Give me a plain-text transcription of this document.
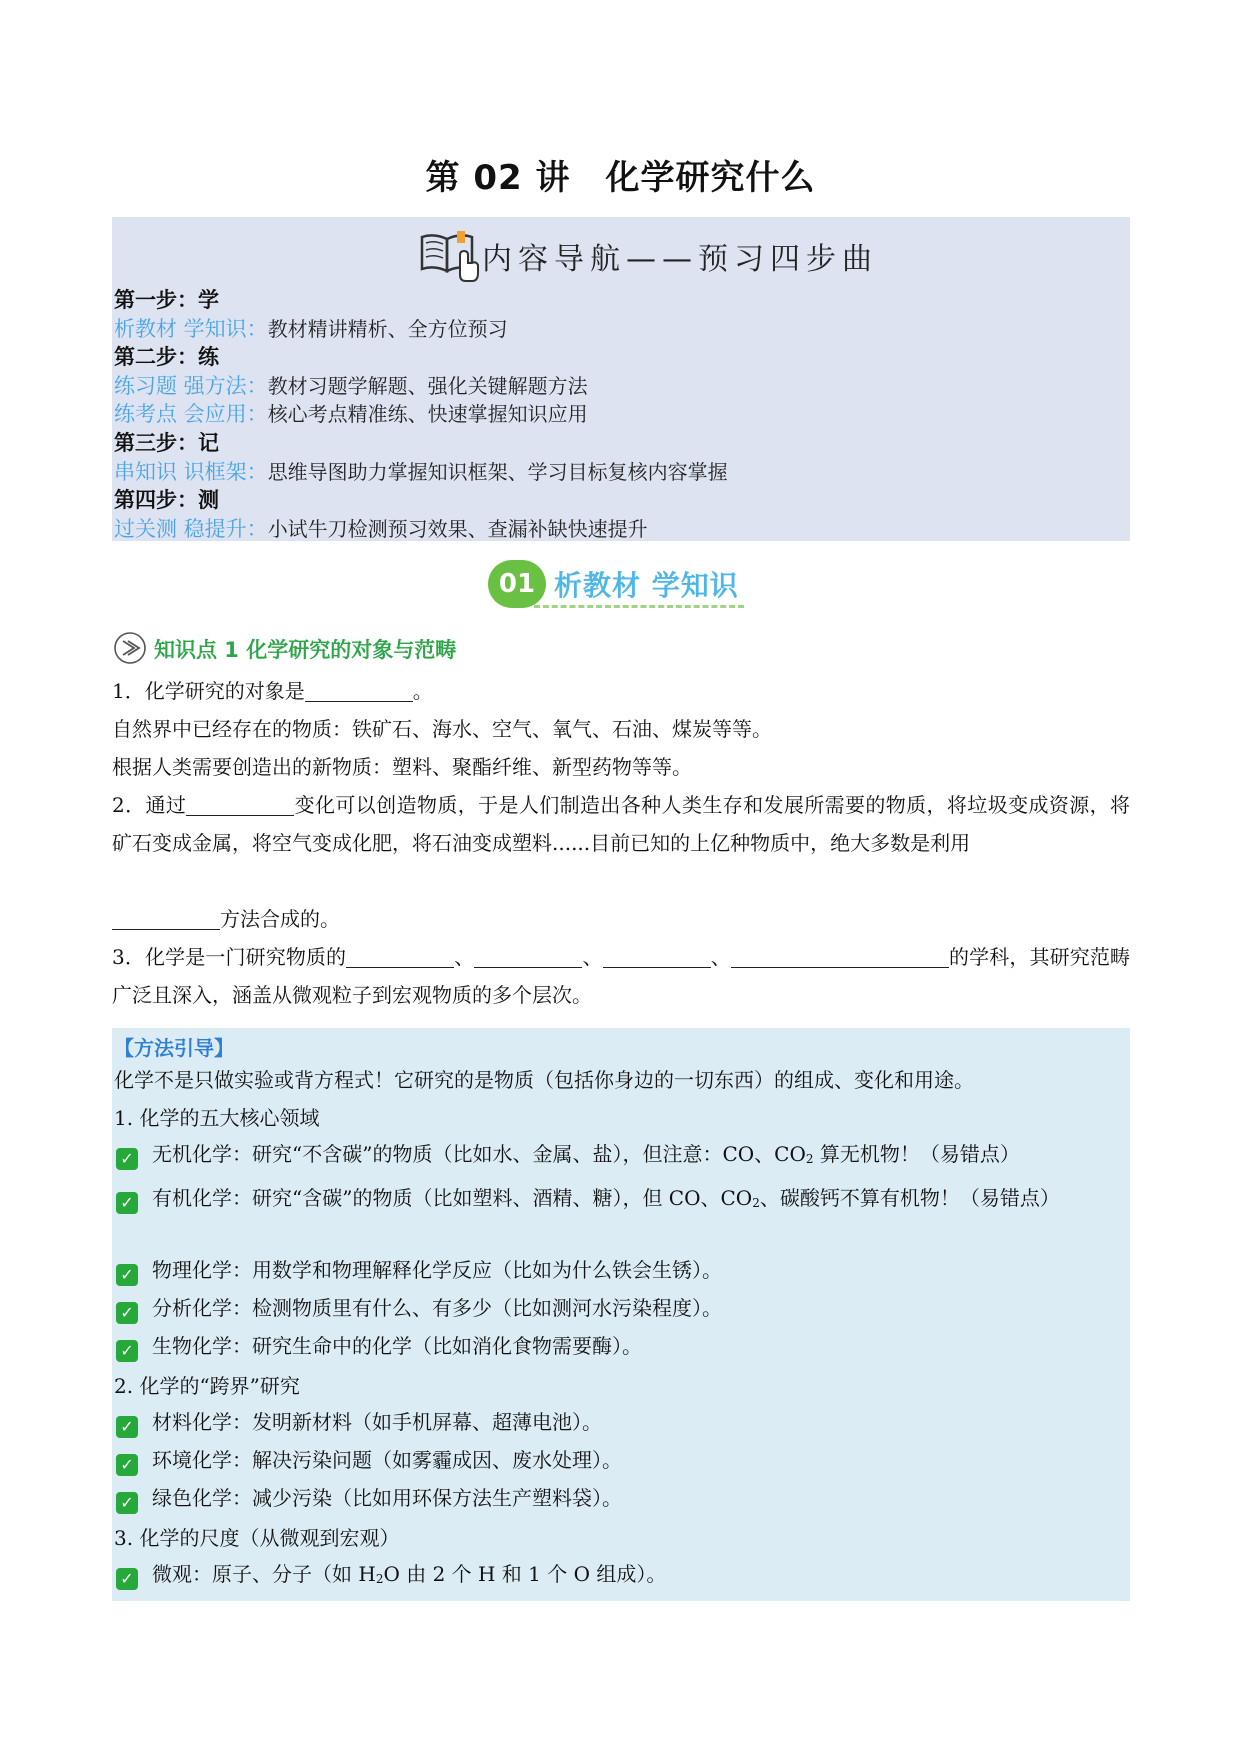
第 02 讲　化学研究什么
内容导航——预习四步曲
第一步：学
析教材 学知识：教材精讲精析、全方位预习
第二步：练
练习题 强方法：教材习题学解题、强化关键解题方法
练考点 会应用：核心考点精准练、快速掌握知识应用
第三步：记
串知识 识框架：思维导图助力掌握知识框架、学习目标复核内容掌握
第四步：测
过关测 稳提升：小试牛刀检测预习效果、查漏补缺快速提升
01 析教材 学知识
知识点 1 化学研究的对象与范畴
1．化学研究的对象是	。
自然界中已经存在的物质：铁矿石、海水、空气、氧气、石油、煤炭等等。
根据人类需要创造出的新物质：塑料、聚酯纤维、新型药物等等。
2．通过	变化可以创造物质，于是人们制造出各种人类生存和发展所需要的物质，将垃圾变成资源，将矿石变成金属，将空气变成化肥，将石油变成塑料......目前已知的上亿种物质中，绝大多数是利用
方法合成的。
3．化学是一门研究物质的	、	、	、	的学科，其研究范畴广泛且深入，涵盖从微观粒子到宏观物质的多个层次。
【方法引导】
化学不是只做实验或背方程式！它研究的是物质（包括你身边的一切东西）的组成、变化和用途。
1. 化学的五大核心领域
✓ 无机化学：研究“不含碳”的物质（比如水、金属、盐），但注意：CO、$CO_2$ 算无机物！（易错点）
✓ 有机化学：研究“含碳”的物质（比如塑料、酒精、糖），但 CO、$CO_2$、碳酸钙不算有机物！（易错点）
✓ 物理化学：用数学和物理解释化学反应（比如为什么铁会生锈）。
✓ 分析化学：检测物质里有什么、有多少（比如测河水污染程度）。
✓ 生物化学：研究生命中的化学（比如消化食物需要酶）。
2. 化学的“跨界”研究
✓ 材料化学：发明新材料（如手机屏幕、超薄电池）。
✓ 环境化学：解决污染问题（如雾霾成因、废水处理）。
✓ 绿色化学：减少污染（比如用环保方法生产塑料袋）。
3. 化学的尺度（从微观到宏观）
✓ 微观：原子、分子（如 $H_2O$ 由 2 个 H 和 1 个 O 组成）。
